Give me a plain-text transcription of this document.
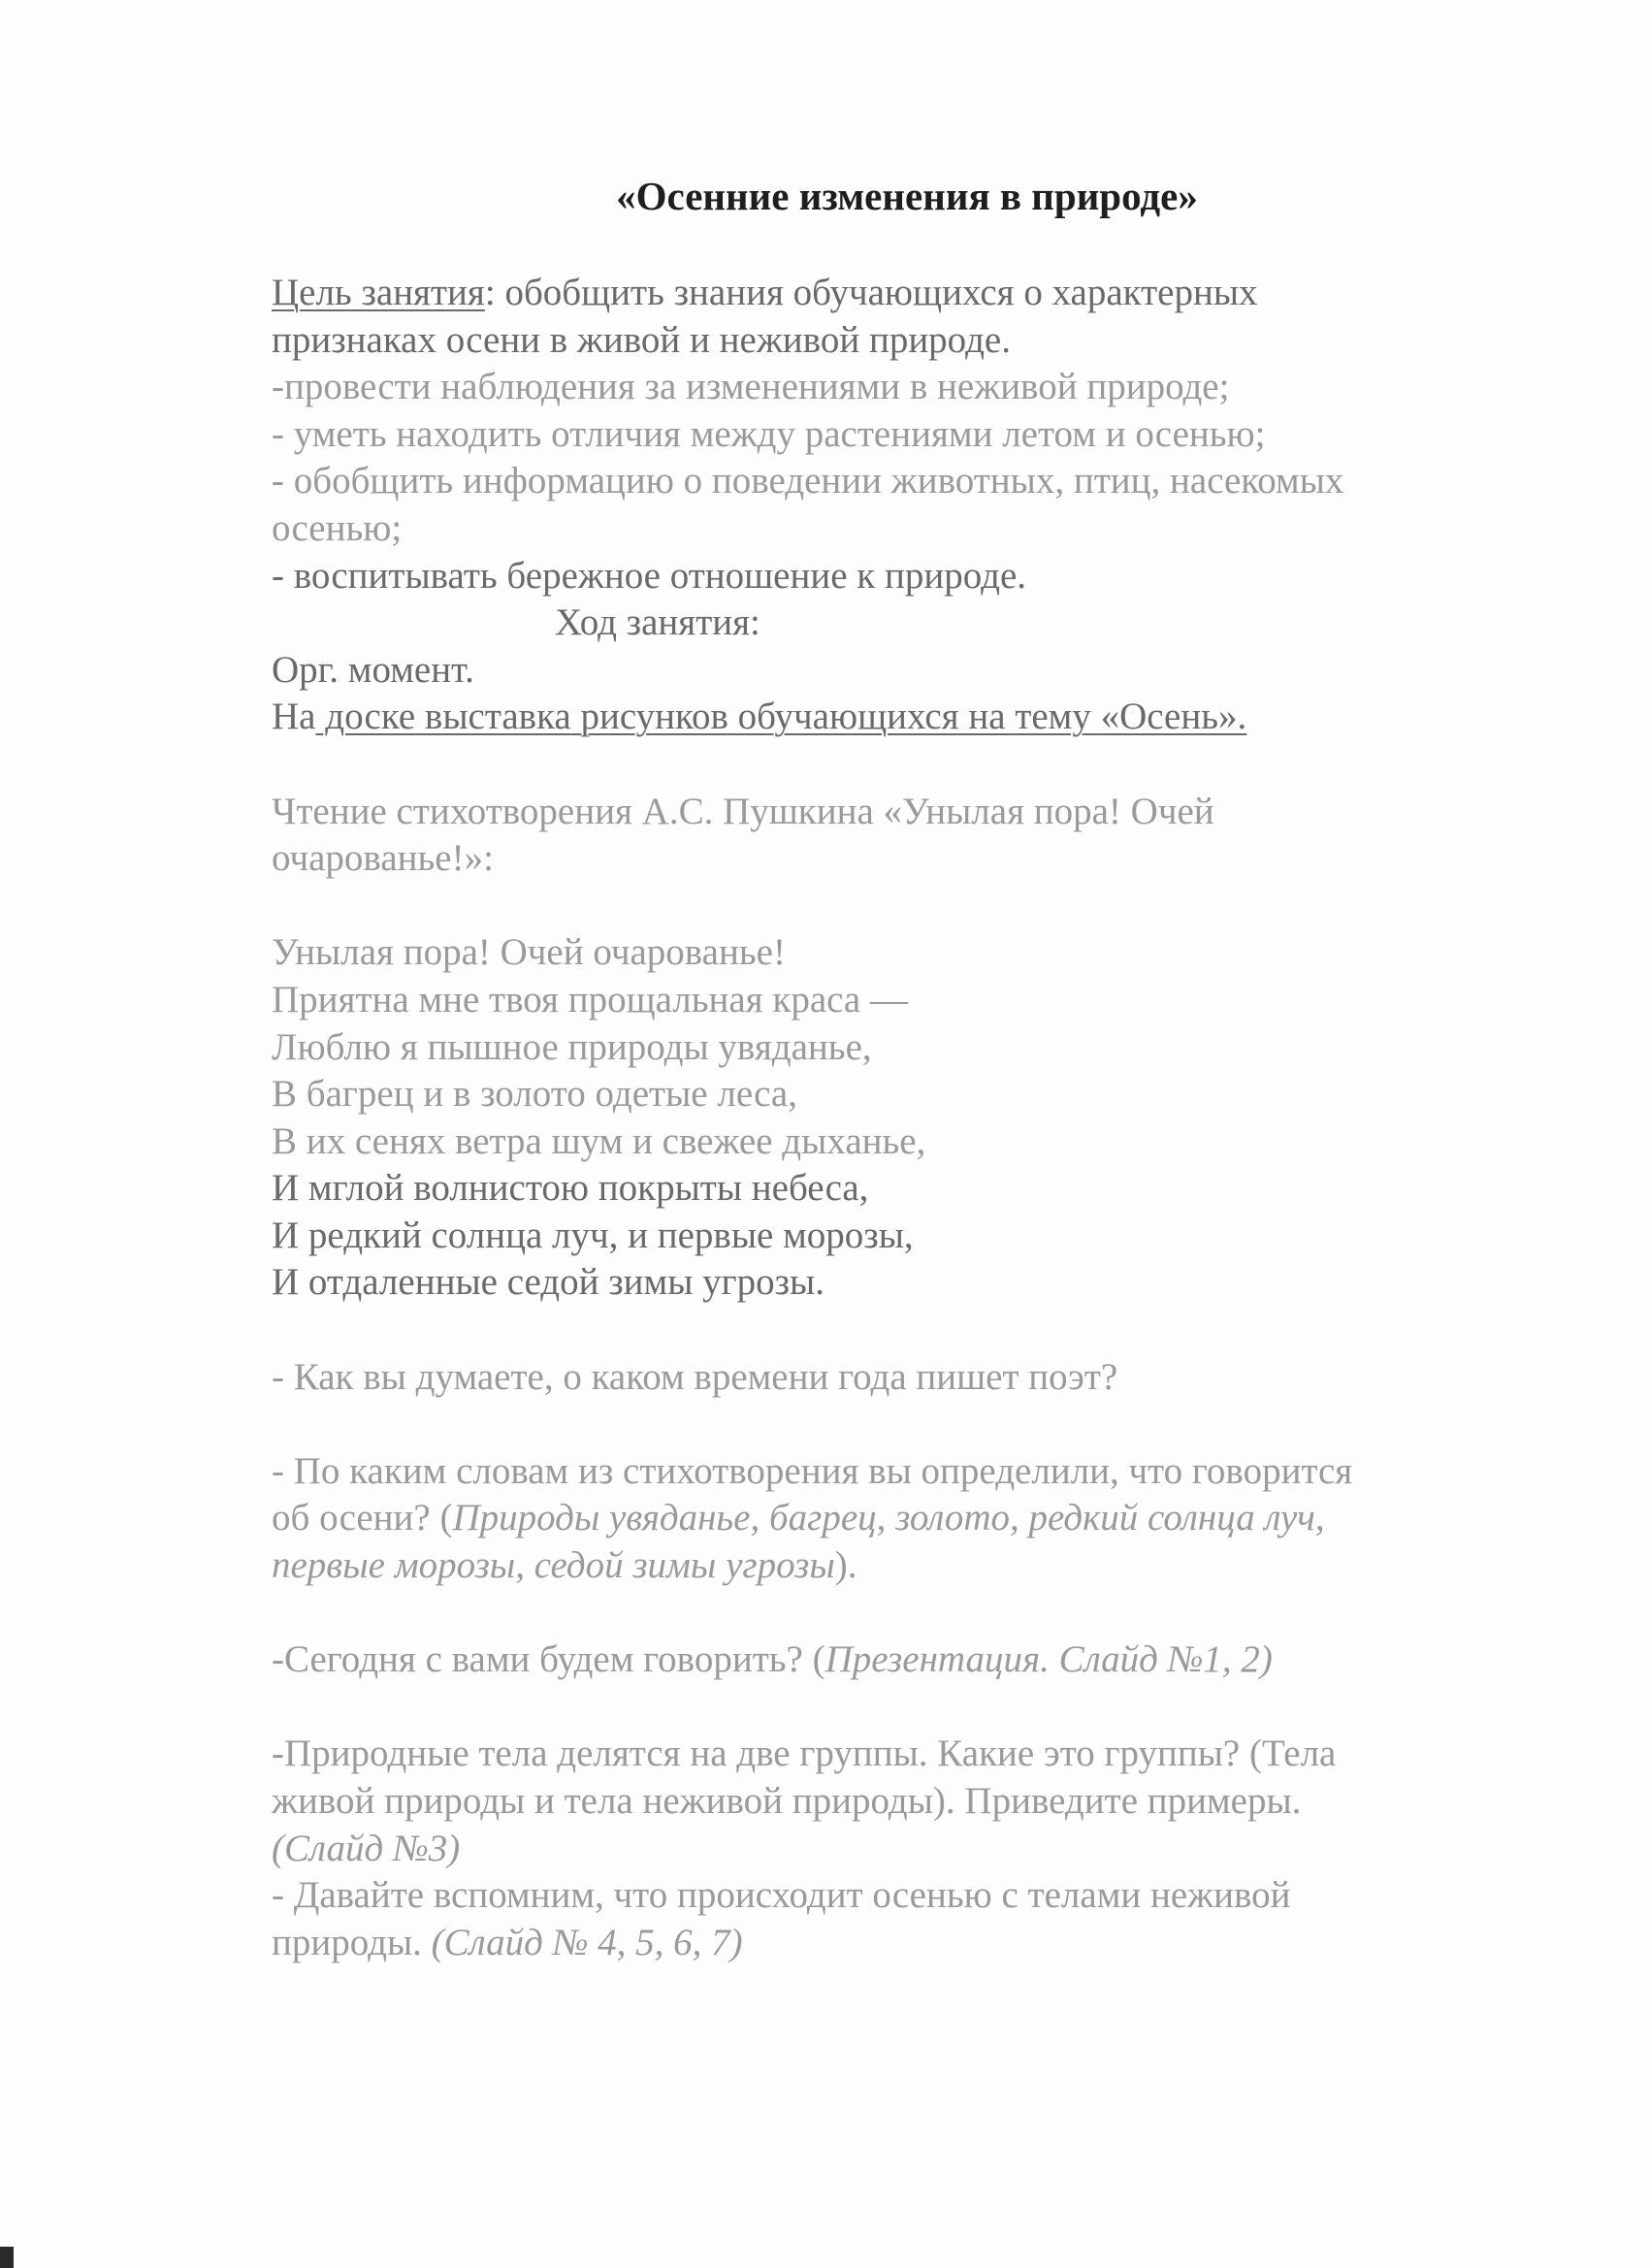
«Осенние изменения в природе»
Цель занятия: обобщить знания обучающихся о характерных
признаках осени в живой и неживой природе.
-провести наблюдения за изменениями в неживой природе;
- уметь находить отличия между растениями летом и осенью;
- обобщить информацию о поведении животных, птиц, насекомых
осенью;
- воспитывать бережное отношение к природе.
Ход занятия:
Орг. момент.
На доске выставка рисунков обучающихся на тему «Осень».
Чтение стихотворения А.С. Пушкина «Унылая пора! Очей
очарованье!»:
Унылая пора! Очей очарованье!
Приятна мне твоя прощальная краса —
Люблю я пышное природы увяданье,
В багрец и в золото одетые леса,
В их сенях ветра шум и свежее дыханье,
И мглой волнистою покрыты небеса,
И редкий солнца луч, и первые морозы,
И отдаленные седой зимы угрозы.
- Как вы думаете, о каком времени года пишет поэт?
- По каким словам из стихотворения вы определили, что говорится
об осени? (Природы увяданье, багрец, золото, редкий солнца луч,
первые морозы, седой зимы угрозы).
-Сегодня с вами будем говорить? (Презентация. Слайд №1, 2)
-Природные тела делятся на две группы. Какие это группы? (Тела
живой природы и тела неживой природы). Приведите примеры.
(Слайд №3)
- Давайте вспомним, что происходит осенью с телами неживой
природы. (Слайд № 4, 5, 6, 7)
